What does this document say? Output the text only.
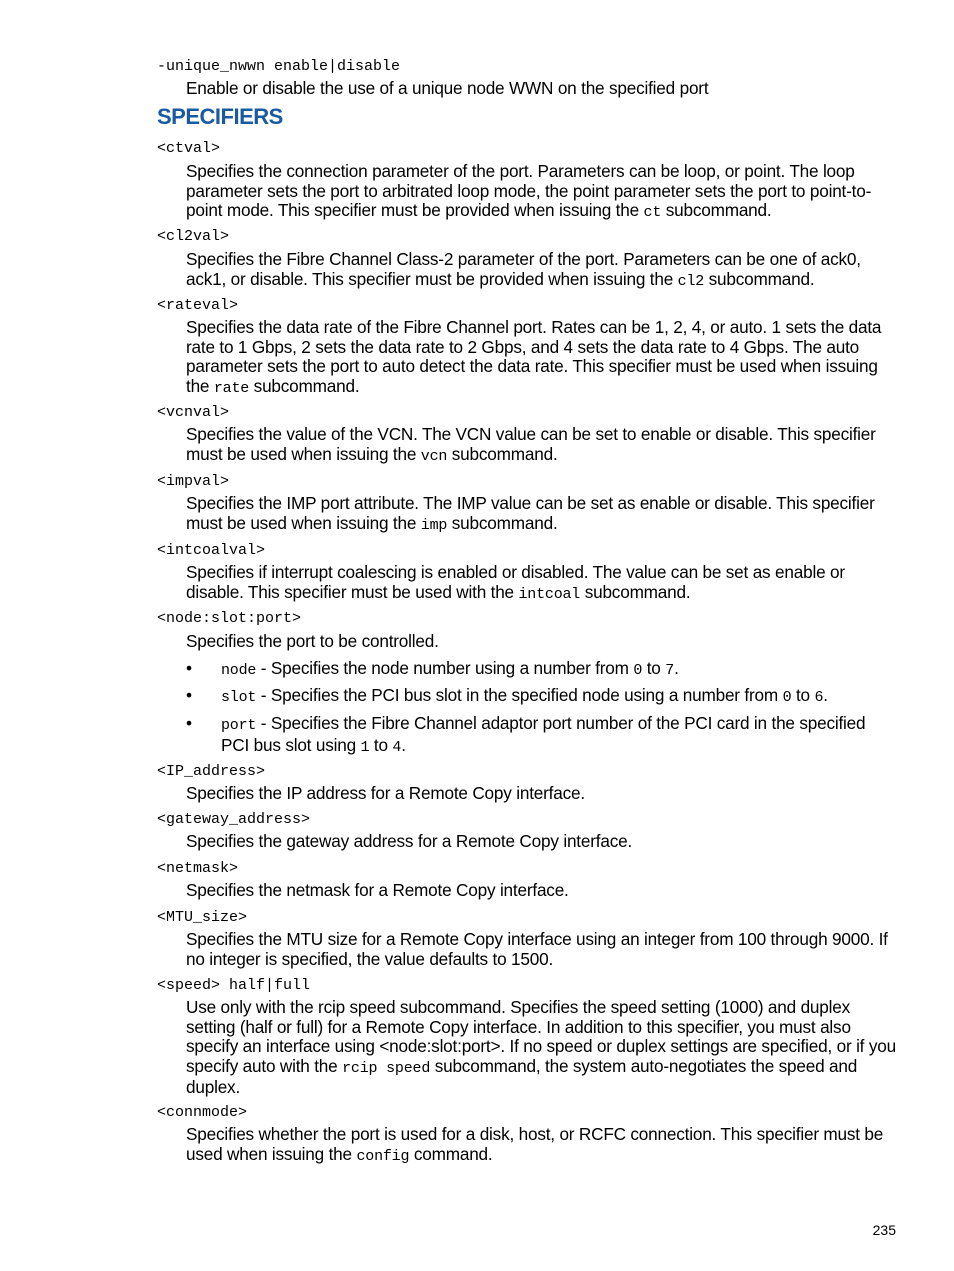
-unique_nwwn enable|disable
Enable or disable the use of a unique node WWN on the specified port
SPECIFIERS
<ctval>
Specifies the connection parameter of the port. Parameters can be loop, or point. The loop parameter sets the port to arbitrated loop mode, the point parameter sets the port to point-to-point mode. This specifier must be provided when issuing the ct subcommand.
<cl2val>
Specifies the Fibre Channel Class-2 parameter of the port. Parameters can be one of ack0, ack1, or disable. This specifier must be provided when issuing the cl2 subcommand.
<rateval>
Specifies the data rate of the Fibre Channel port. Rates can be 1, 2, 4, or auto. 1 sets the data rate to 1 Gbps, 2 sets the data rate to 2 Gbps, and 4 sets the data rate to 4 Gbps. The auto parameter sets the port to auto detect the data rate. This specifier must be used when issuing the rate subcommand.
<vcnval>
Specifies the value of the VCN. The VCN value can be set to enable or disable. This specifier must be used when issuing the vcn subcommand.
<impval>
Specifies the IMP port attribute. The IMP value can be set as enable or disable. This specifier must be used when issuing the imp subcommand.
<intcoalval>
Specifies if interrupt coalescing is enabled or disabled. The value can be set as enable or disable. This specifier must be used with the intcoal subcommand.
<node:slot:port>
Specifies the port to be controlled.
•	node - Specifies the node number using a number from 0 to 7.
•	slot - Specifies the PCI bus slot in the specified node using a number from 0 to 6.
•	port - Specifies the Fibre Channel adaptor port number of the PCI card in the specified PCI bus slot using 1 to 4.
<IP_address>
Specifies the IP address for a Remote Copy interface.
<gateway_address>
Specifies the gateway address for a Remote Copy interface.
<netmask>
Specifies the netmask for a Remote Copy interface.
<MTU_size>
Specifies the MTU size for a Remote Copy interface using an integer from 100 through 9000. If no integer is specified, the value defaults to 1500.
<speed> half|full
Use only with the rcip speed subcommand. Specifies the speed setting (1000) and duplex setting (half or full) for a Remote Copy interface. In addition to this specifier, you must also specify an interface using <node:slot:port>. If no speed or duplex settings are specified, or if you specify auto with the rcip speed subcommand, the system auto-negotiates the speed and duplex.
<connmode>
Specifies whether the port is used for a disk, host, or RCFC connection. This specifier must be used when issuing the config command.
235
